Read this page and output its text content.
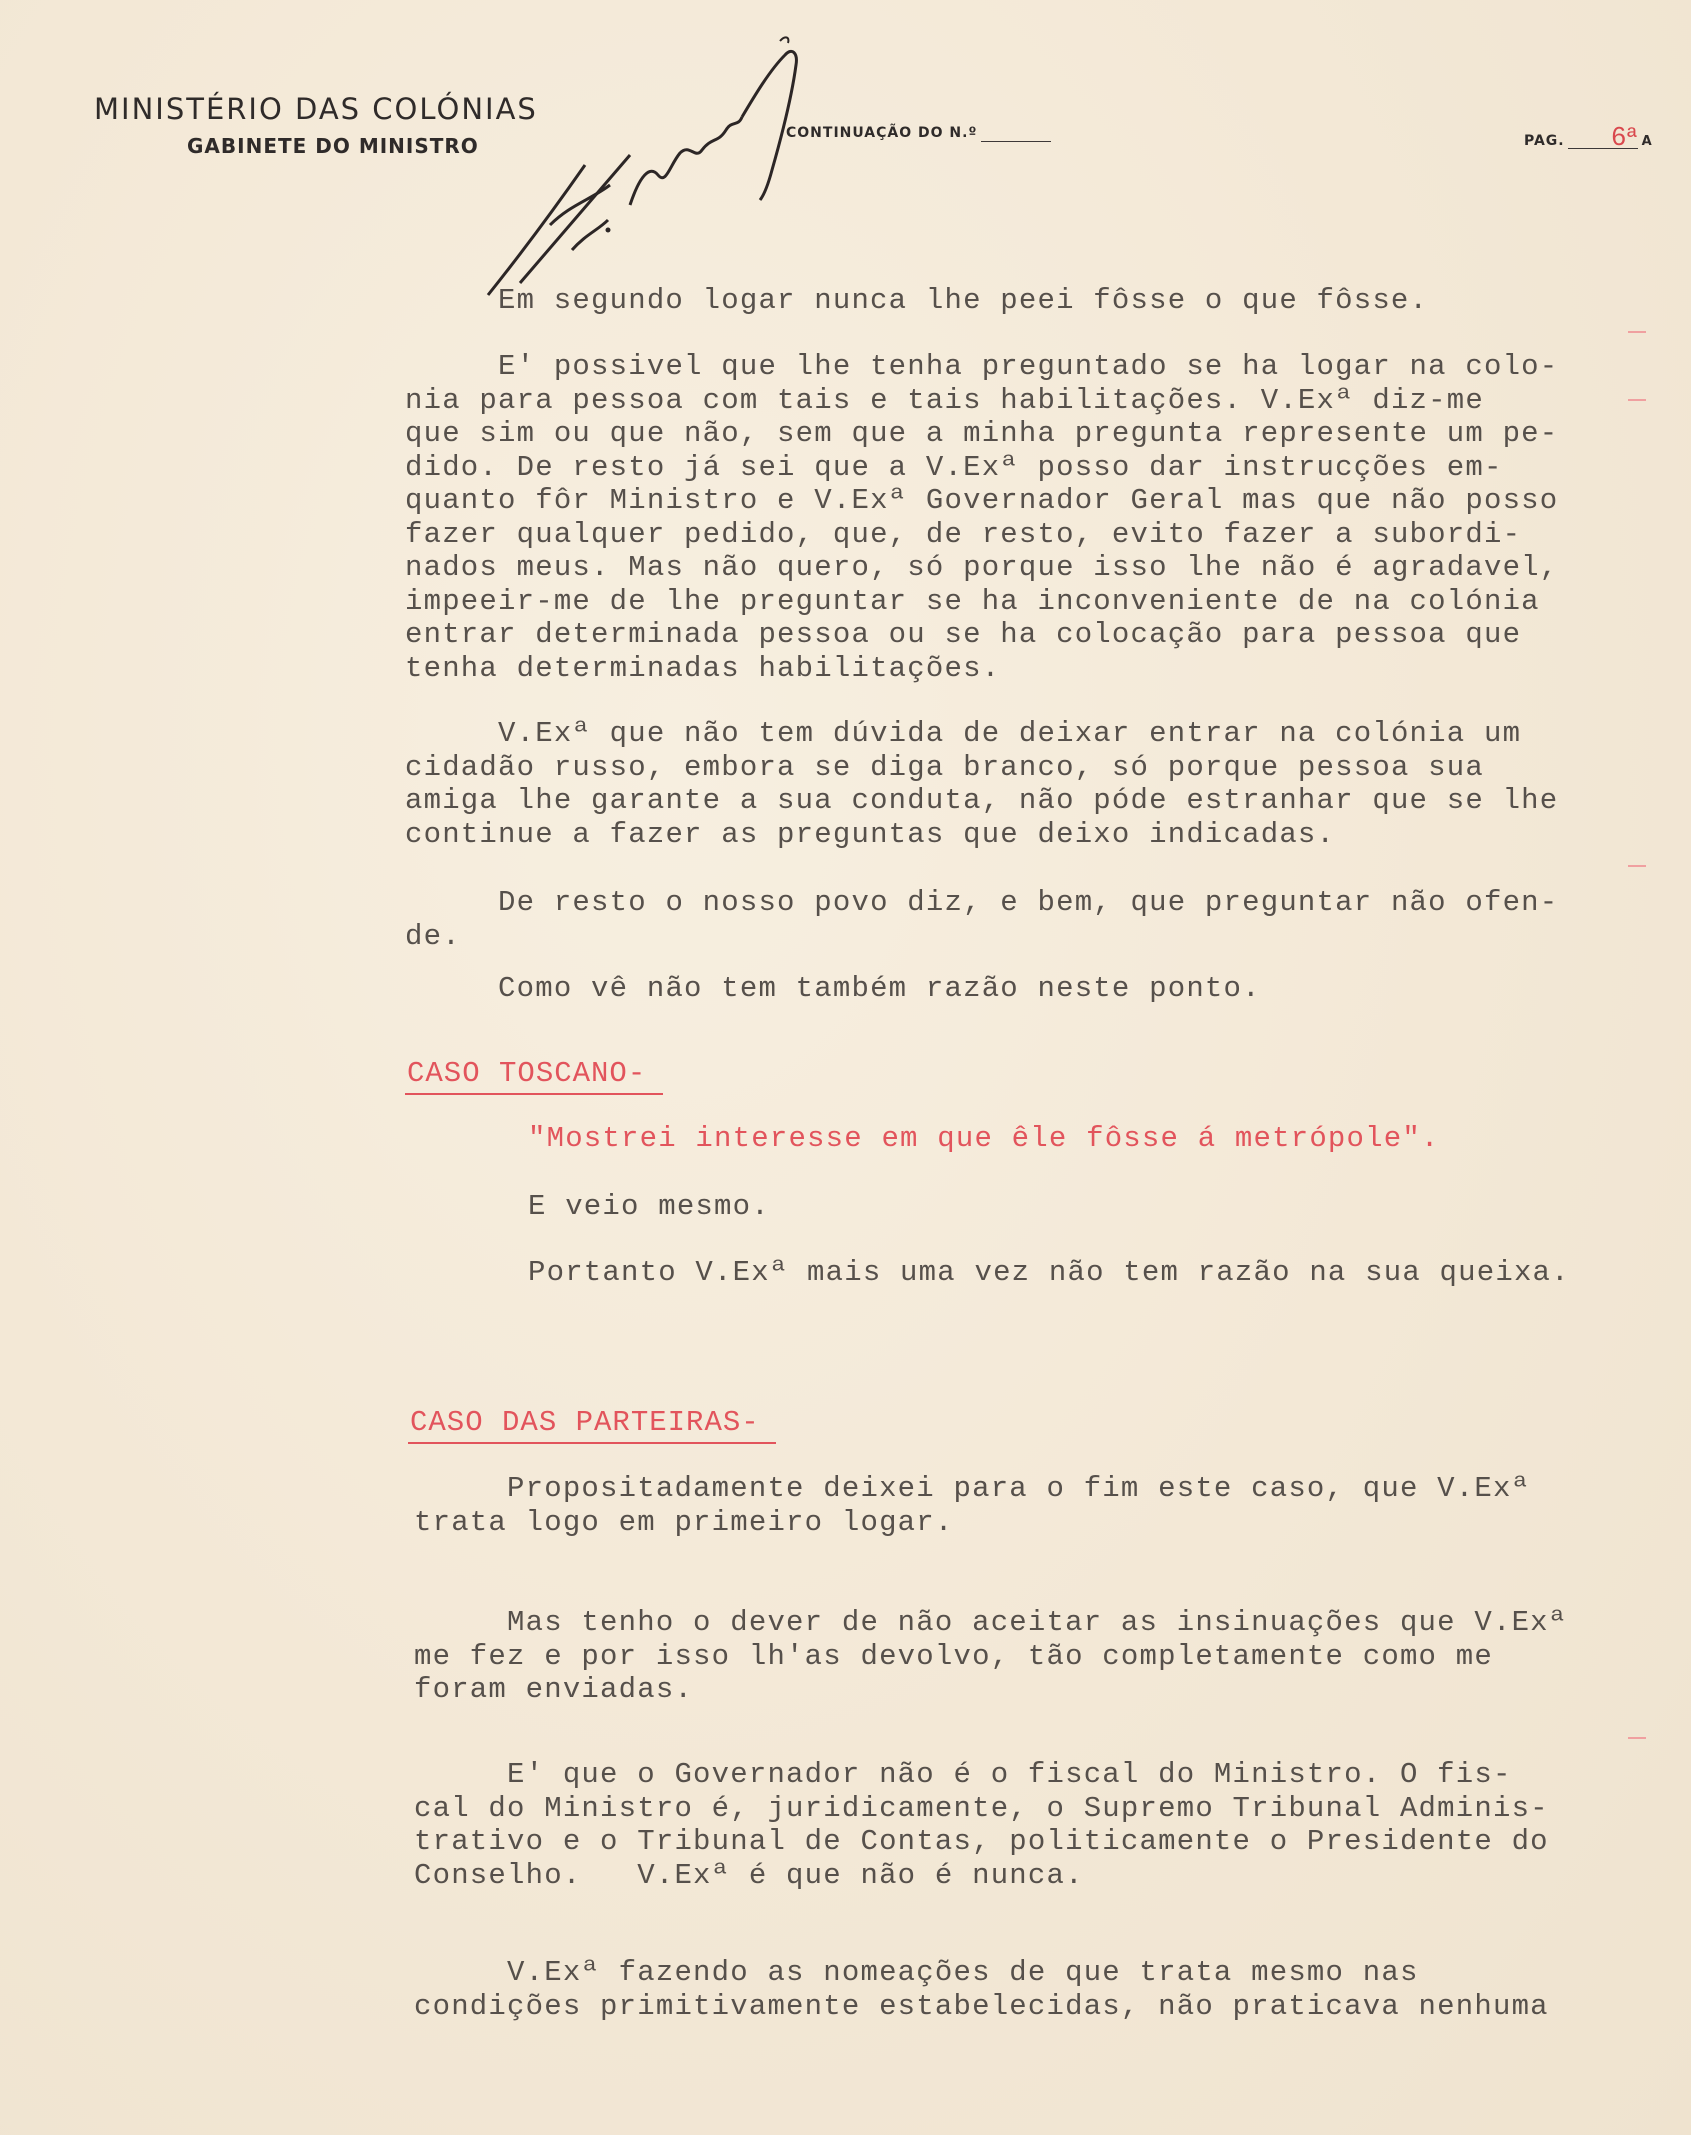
MINISTÉRIO DAS COLÓNIAS
GABINETE DO MINISTRO
CONTINUAÇÃO DO N.º	PAG. 6ª A
Em segundo logar nunca lhe peei fôsse o que fôsse.
E' possivel que lhe tenha preguntado se ha logar na colo-
nia para pessoa com tais e tais habilitações. V.Exª diz-me
que sim ou que não, sem que a minha pregunta represente um pe-
dido. De resto já sei que a V.Exª posso dar instrucções em-
quanto fôr Ministro e V.Exª Governador Geral mas que não posso
fazer qualquer pedido, que, de resto, evito fazer a subordi-
nados meus. Mas não quero, só porque isso lhe não é agradavel,
impeeir-me de lhe preguntar se ha inconveniente de na colónia
entrar determinada pessoa ou se ha colocação para pessoa que
tenha determinadas habilitações.
V.Exª que não tem dúvida de deixar entrar na colónia um
cidadão russo, embora se diga branco, só porque pessoa sua
amiga lhe garante a sua conduta, não póde estranhar que se lhe
continue a fazer as preguntas que deixo indicadas.
De resto o nosso povo diz, e bem, que preguntar não ofen-
de.
Como vê não tem também razão neste ponto.
CASO TOSCANO-
"Mostrei interesse em que êle fôsse á metrópole".
E veio mesmo.
Portanto V.Exª mais uma vez não tem razão na sua queixa.
CASO DAS PARTEIRAS-
Propositadamente deixei para o fim este caso, que V.Exª
trata logo em primeiro logar.
Mas tenho o dever de não aceitar as insinuações que V.Exª
me fez e por isso lh'as devolvo, tão completamente como me
foram enviadas.
E' que o Governador não é o fiscal do Ministro. O fis-
cal do Ministro é, juridicamente, o Supremo Tribunal Adminis-
trativo e o Tribunal de Contas, politicamente o Presidente do
Conselho.   V.Exª é que não é nunca.
V.Exª fazendo as nomeações de que trata mesmo nas
condições primitivamente estabelecidas, não praticava nenhuma
